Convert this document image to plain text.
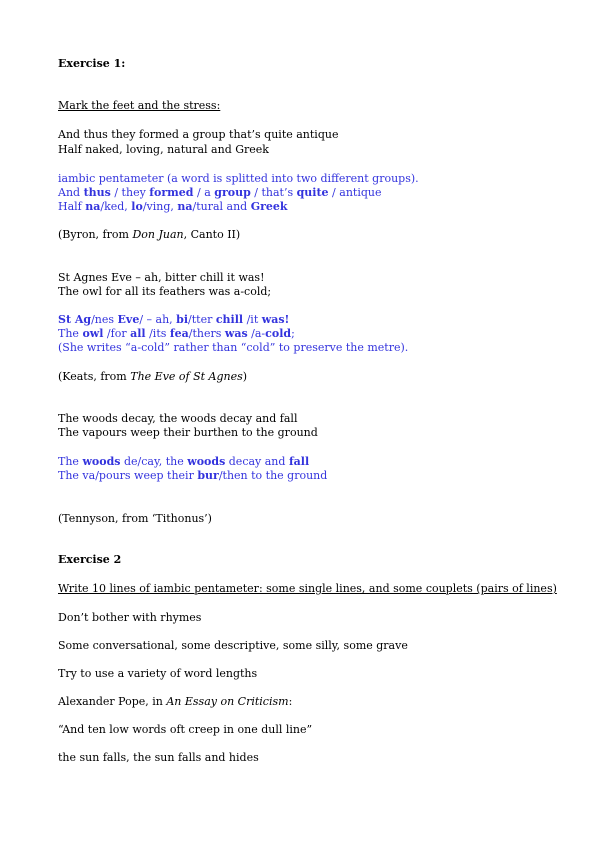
Exercise 1:
Mark the feet and the stress:
And thus they formed a group that’s quite antique
Half naked, loving, natural and Greek
iambic pentameter (a word is splitted into two different groups).
And thus / they formed / a group / that’s quite / antique
Half na/ked, lo/ving, na/tural and Greek
(Byron, from Don Juan, Canto II)
St Agnes Eve – ah, bitter chill it was!
The owl for all its feathers was a-cold;
St Ag/nes Eve/ – ah, bi/tter chill /it was!
The owl /for all /its fea/thers was /a-cold;
(She writes “a-cold” rather than “cold” to preserve the metre).
(Keats, from The Eve of St Agnes)
The woods decay, the woods decay and fall
The vapours weep their burthen to the ground
The woods de/cay, the woods decay and fall
The va/pours weep their bur/then to the ground
(Tennyson, from ‘Tithonus’)
Exercise 2
Write 10 lines of iambic pentameter: some single lines, and some couplets (pairs of lines)
Don’t bother with rhymes
Some conversational, some descriptive, some silly, some grave
Try to use a variety of word lengths
Alexander Pope, in An Essay on Criticism:
“And ten low words oft creep in one dull line”
the sun falls, the sun falls and hides
